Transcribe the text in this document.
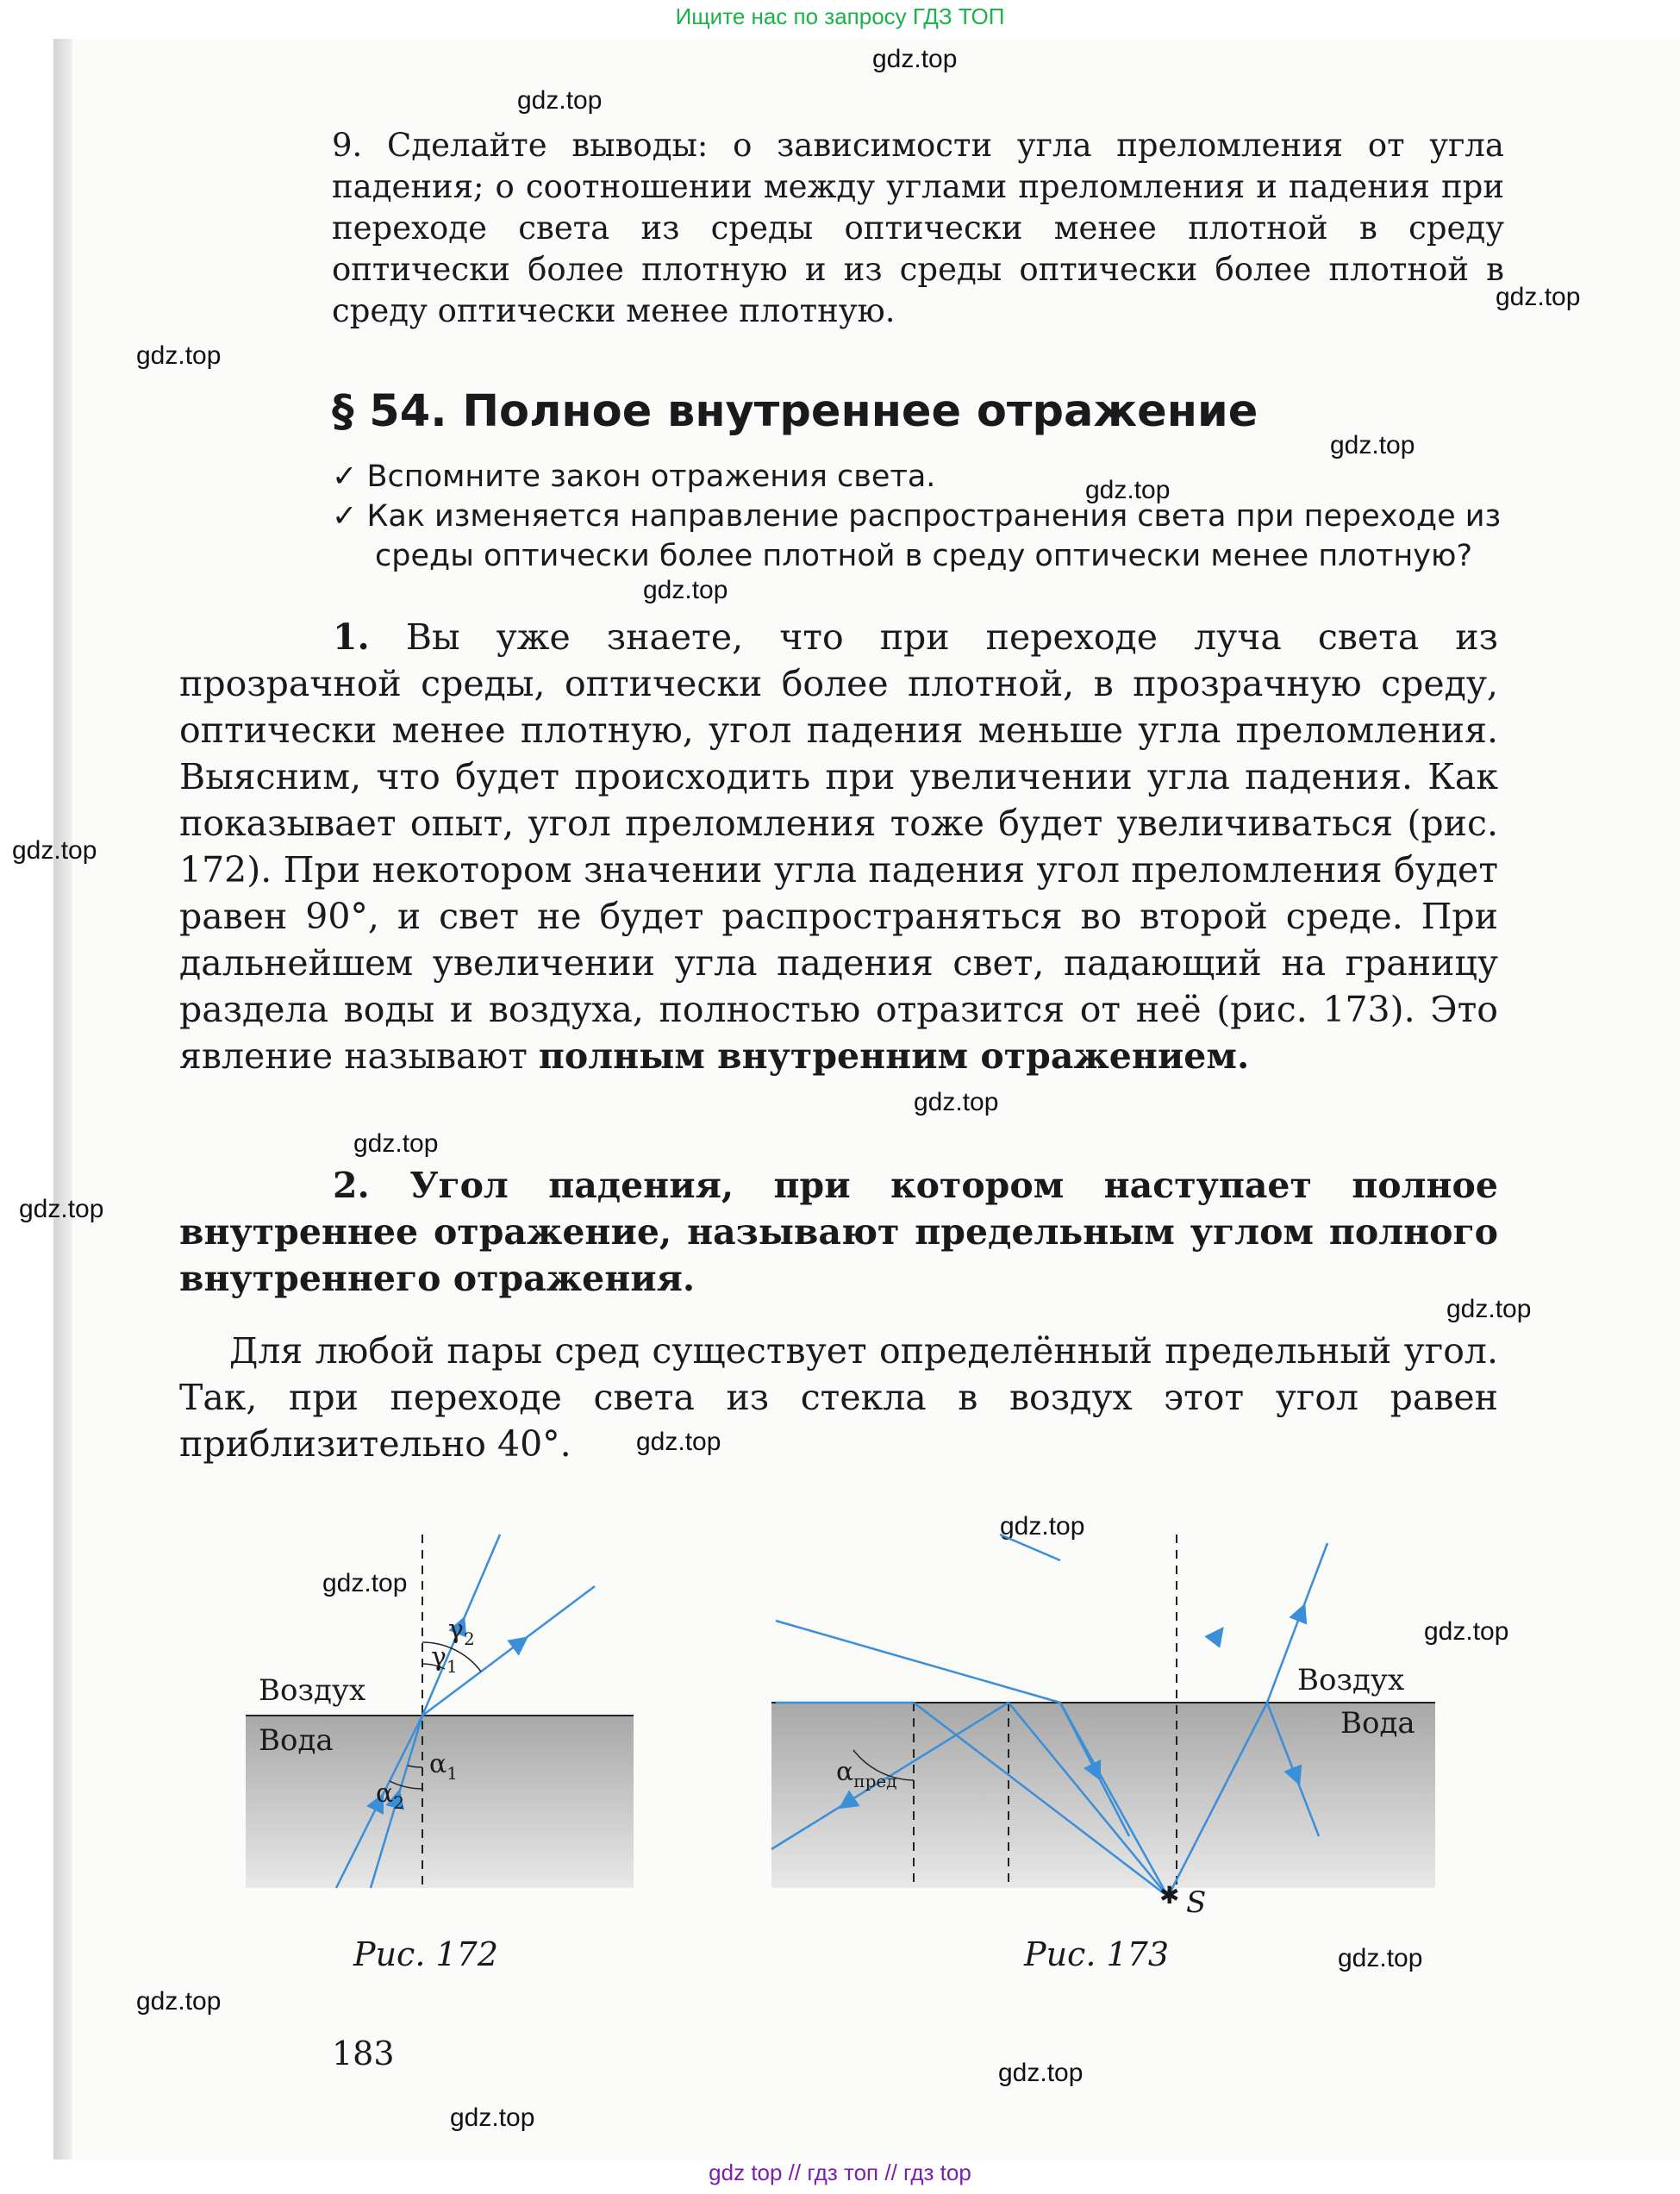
Ищите нас по запросу ГДЗ ТОП
gdz.top
gdz.top
gdz.top
gdz.top
gdz.top
gdz.top
gdz.top
gdz.top
gdz.top
gdz.top
gdz.top
gdz.top
gdz.top
gdz.top
gdz.top
gdz.top
gdz.top
gdz.top
gdz.top
gdz.top
9. Сделайте выводы: о зависимости угла преломления от угла падения; о соотношении между углами преломления и падения при переходе света из среды оптически менее плотной в среду оптически более плотную и из среды оптически более плотной в среду оптически менее плотную.
§ 54. Полное внутреннее отражение
✓ Вспомните закон отражения света.
✓ Как изменяется направление распространения света при переходе из среды оптически более плотной в среду оптически менее плотную?
1. Вы уже знаете, что при переходе луча света из прозрачной среды, оптически более плотной, в прозрачную среду, оптически менее плотную, угол падения меньше угла преломления. Выясним, что будет происходить при увеличении угла падения. Как показывает опыт, угол преломления тоже будет увеличиваться (рис. 172). При некотором значении угла падения угол преломления будет равен 90°, и свет не будет распространяться во второй среде. При дальнейшем увеличении угла падения свет, падающий на границу раздела воды и воздуха, полностью отразится от неё (рис. 173). Это явление называют полным внутренним отражением.
2. Угол падения, при котором наступает полное внутреннее отражение, называют предельным углом полного внутреннего отражения.
Для любой пары сред существует определённый предельный угол. Так, при переходе света из стекла в воздух этот угол равен приблизительно 40°.
Воздух
Вода
$\gamma_2$
$\gamma_1$
$\alpha_1$
$\alpha_2$
Рис. 172
Воздух
Вода
$\alpha_{пред}$
✱ S
Рис. 173
183
gdz top // гдз топ // гдз top
